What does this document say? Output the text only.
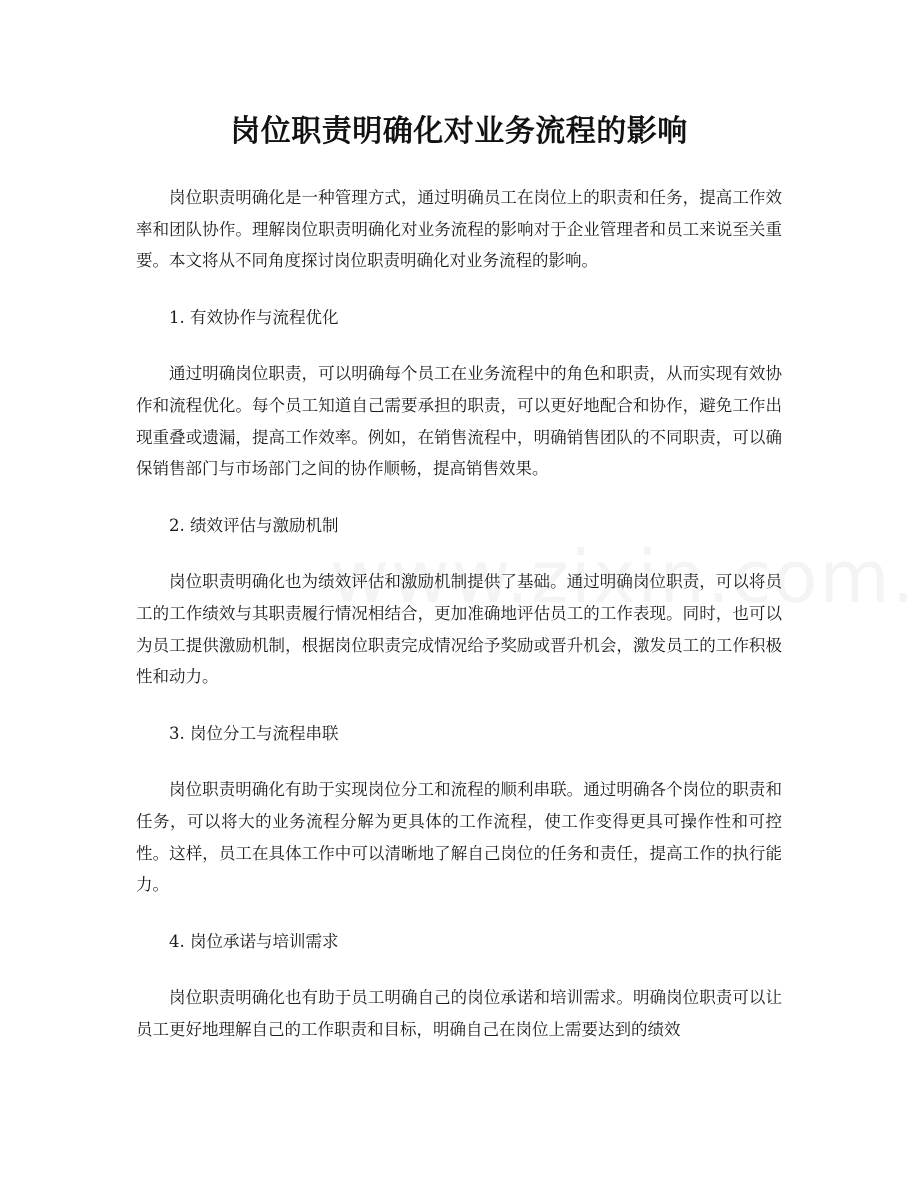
岗位职责明确化对业务流程的影响

岗位职责明确化是一种管理方式，通过明确员工在岗位上的职责和任务，提高工作效率和团队协作。理解岗位职责明确化对业务流程的影响对于企业管理者和员工来说至关重要。本文将从不同角度探讨岗位职责明确化对业务流程的影响。

1. 有效协作与流程优化

通过明确岗位职责，可以明确每个员工在业务流程中的角色和职责，从而实现有效协作和流程优化。每个员工知道自己需要承担的职责，可以更好地配合和协作，避免工作出现重叠或遗漏，提高工作效率。例如，在销售流程中，明确销售团队的不同职责，可以确保销售部门与市场部门之间的协作顺畅，提高销售效果。

2. 绩效评估与激励机制

岗位职责明确化也为绩效评估和激励机制提供了基础。通过明确岗位职责，可以将员工的工作绩效与其职责履行情况相结合，更加准确地评估员工的工作表现。同时，也可以为员工提供激励机制，根据岗位职责完成情况给予奖励或晋升机会，激发员工的工作积极性和动力。

3. 岗位分工与流程串联

岗位职责明确化有助于实现岗位分工和流程的顺利串联。通过明确各个岗位的职责和任务，可以将大的业务流程分解为更具体的工作流程，使工作变得更具可操作性和可控性。这样，员工在具体工作中可以清晰地了解自己岗位的任务和责任，提高工作的执行能力。

4. 岗位承诺与培训需求

岗位职责明确化也有助于员工明确自己的岗位承诺和培训需求。明确岗位职责可以让员工更好地理解自己的工作职责和目标，明确自己在岗位上需要达到的绩效
